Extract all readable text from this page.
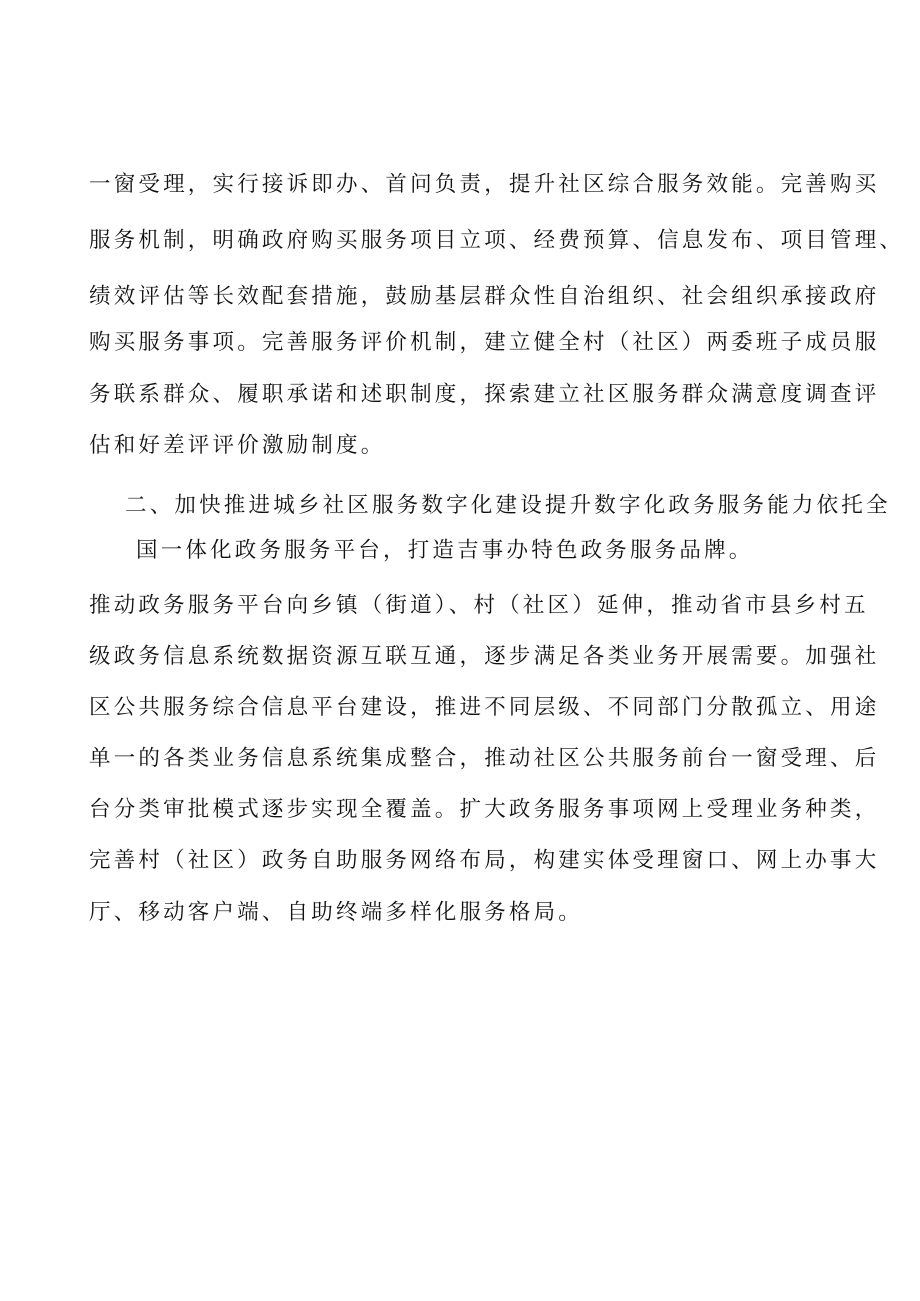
一窗受理，实行接诉即办、首问负责，提升社区综合服务效能。完善购买
服务机制，明确政府购买服务项目立项、经费预算、信息发布、项目管理、
绩效评估等长效配套措施，鼓励基层群众性自治组织、社会组织承接政府
购买服务事项。完善服务评价机制，建立健全村（社区）两委班子成员服
务联系群众、履职承诺和述职制度，探索建立社区服务群众满意度调查评
估和好差评评价激励制度。
二、加快推进城乡社区服务数字化建设提升数字化政务服务能力依托全
国一体化政务服务平台，打造吉事办特色政务服务品牌。
推动政务服务平台向乡镇（街道）、村（社区）延伸，推动省市县乡村五
级政务信息系统数据资源互联互通，逐步满足各类业务开展需要。加强社
区公共服务综合信息平台建设，推进不同层级、不同部门分散孤立、用途
单一的各类业务信息系统集成整合，推动社区公共服务前台一窗受理、后
台分类审批模式逐步实现全覆盖。扩大政务服务事项网上受理业务种类，
完善村（社区）政务自助服务网络布局，构建实体受理窗口、网上办事大
厅、移动客户端、自助终端多样化服务格局。
